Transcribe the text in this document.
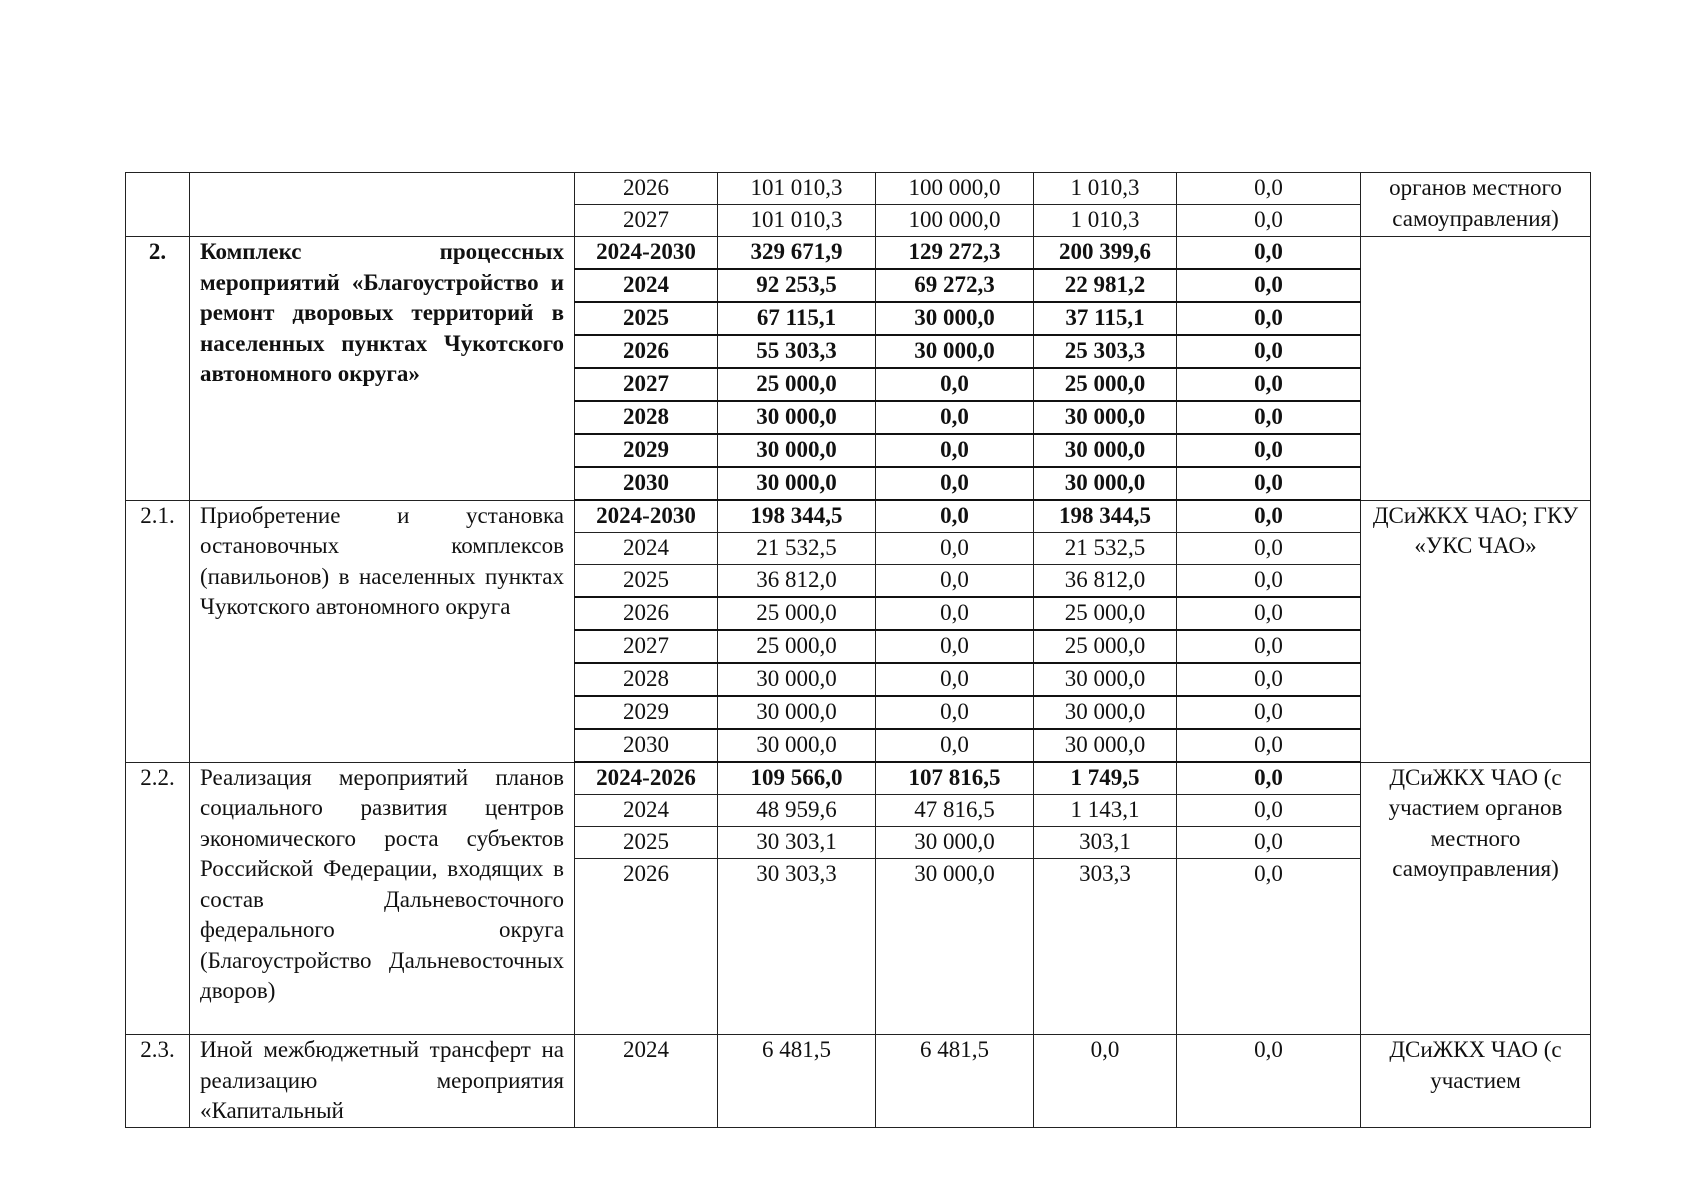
		2026	101 010,3	100 000,0	1 010,3	0,0	органов местного самоуправления)
		2027	101 010,3	100 000,0	1 010,3	0,0	
2.	Комплекс процессных мероприятий «Благоустройство и ремонт дворовых территорий в населенных пунктах Чукотского автономного округа»	2024-2030	329 671,9	129 272,3	200 399,6	0,0	
		2024	92 253,5	69 272,3	22 981,2	0,0	
		2025	67 115,1	30 000,0	37 115,1	0,0	
		2026	55 303,3	30 000,0	25 303,3	0,0	
		2027	25 000,0	0,0	25 000,0	0,0	
		2028	30 000,0	0,0	30 000,0	0,0	
		2029	30 000,0	0,0	30 000,0	0,0	
		2030	30 000,0	0,0	30 000,0	0,0	
2.1.	Приобретение и установка остановочных комплексов (павильонов) в населенных пунктах Чукотского автономного округа	2024-2030	198 344,5	0,0	198 344,5	0,0	ДСиЖКХ ЧАО; ГКУ «УКС ЧАО»
		2024	21 532,5	0,0	21 532,5	0,0	
		2025	36 812,0	0,0	36 812,0	0,0	
		2026	25 000,0	0,0	25 000,0	0,0	
		2027	25 000,0	0,0	25 000,0	0,0	
		2028	30 000,0	0,0	30 000,0	0,0	
		2029	30 000,0	0,0	30 000,0	0,0	
		2030	30 000,0	0,0	30 000,0	0,0	
2.2.	Реализация мероприятий планов социального развития центров экономического роста субъектов Российской Федерации, входящих в состав Дальневосточного федерального округа (Благоустройство Дальневосточных дворов)	2024-2026	109 566,0	107 816,5	1 749,5	0,0	ДСиЖКХ ЧАО (с участием органов местного самоуправления)
		2024	48 959,6	47 816,5	1 143,1	0,0	
		2025	30 303,1	30 000,0	303,1	0,0	
		2026	30 303,3	30 000,0	303,3	0,0	
2.3.	Иной межбюджетный трансферт на реализацию мероприятия «Капитальный	2024	6 481,5	6 481,5	0,0	0,0	ДСиЖКХ ЧАО (с участием
